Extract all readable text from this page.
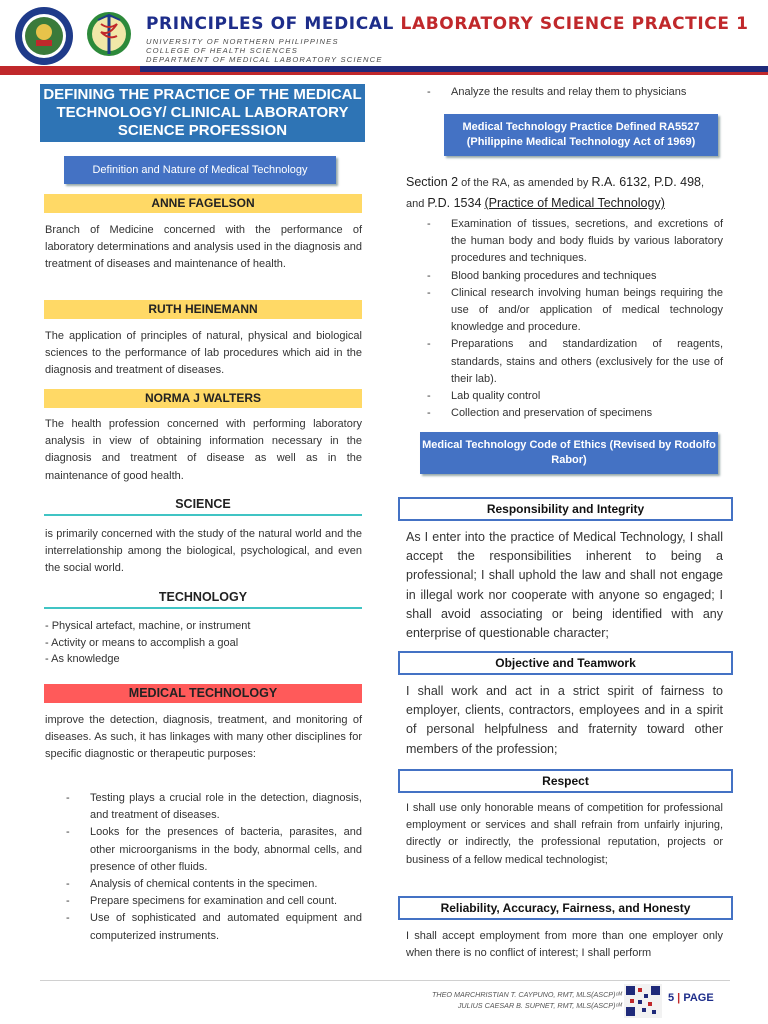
PRINCIPLES OF MEDICAL LABORATORY SCIENCE PRACTICE 1
UNIVERSITY OF NORTHERN PHILIPPINES
COLLEGE OF HEALTH SCIENCES
DEPARTMENT OF MEDICAL LABORATORY SCIENCE
DEFINING THE PRACTICE OF THE MEDICAL TECHNOLOGY/ CLINICAL LABORATORY SCIENCE PROFESSION
Definition and Nature of Medical Technology
ANNE FAGELSON
Branch of Medicine concerned with the performance of laboratory determinations and analysis used in the diagnosis and treatment of diseases and maintenance of health.
RUTH HEINEMANN
The application of principles of natural, physical and biological sciences to the performance of lab procedures which aid in the diagnosis and treatment of diseases.
NORMA J WALTERS
The health profession concerned with performing laboratory analysis in view of obtaining information necessary in the diagnosis and treatment of disease as well as in the maintenance of good health.
SCIENCE
is primarily concerned with the study of the natural world and the interrelationship among the biological, psychological, and even the social world.
TECHNOLOGY
- Physical artefact, machine, or instrument
- Activity or means to accomplish a goal
- As knowledge
MEDICAL TECHNOLOGY
improve the detection, diagnosis, treatment, and monitoring of diseases. As such, it has linkages with many other disciplines for specific diagnostic or therapeutic purposes:
- Testing plays a crucial role in the detection, diagnosis, and treatment of diseases.
- Looks for the presences of bacteria, parasites, and other microorganisms in the body, abnormal cells, and presence of other fluids.
- Analysis of chemical contents in the specimen.
- Prepare specimens for examination and cell count.
- Use of sophisticated and automated equipment and computerized instruments.
- Analyze the results and relay them to physicians
Medical Technology Practice Defined RA5527 (Philippine Medical Technology Act of 1969)
Section 2 of the RA, as amended by R.A. 6132, P.D. 498,
and P.D. 1534 (Practice of Medical Technology)
- Examination of tissues, secretions, and excretions of the human body and body fluids by various laboratory procedures and techniques.
- Blood banking procedures and techniques
- Clinical research involving human beings requiring the use of and/or application of medical technology knowledge and procedure.
- Preparations and standardization of reagents, standards, stains and others (exclusively for the use of their lab).
- Lab quality control
- Collection and preservation of specimens
Medical Technology Code of Ethics (Revised by Rodolfo Rabor)
Responsibility and Integrity
As I enter into the practice of Medical Technology, I shall accept the responsibilities inherent to being a professional; I shall uphold the law and shall not engage in illegal work nor cooperate with anyone so engaged; I shall avoid associating or being identified with any enterprise of questionable character;
Objective and Teamwork
I shall work and act in a strict spirit of fairness to employer, clients, contractors, employees and in a spirit of personal helpfulness and fraternity toward other members of the profession;
Respect
I shall use only honorable means of competition for professional employment or services and shall refrain from unfairly injuring, directly or indirectly, the professional reputation, projects or business of a fellow medical technologist;
Reliability, Accuracy, Fairness, and Honesty
I shall accept employment from more than one employer only when there is no conflict of interest; I shall perform
THEO MARCHRISTIAN T. CAYPUNO, RMT, MLS(ASCP)ᶜᴹ
JULIUS CAESAR B. SUPNET, RMT, MLS(ASCP)ᶜᴹ
5 | PAGE
